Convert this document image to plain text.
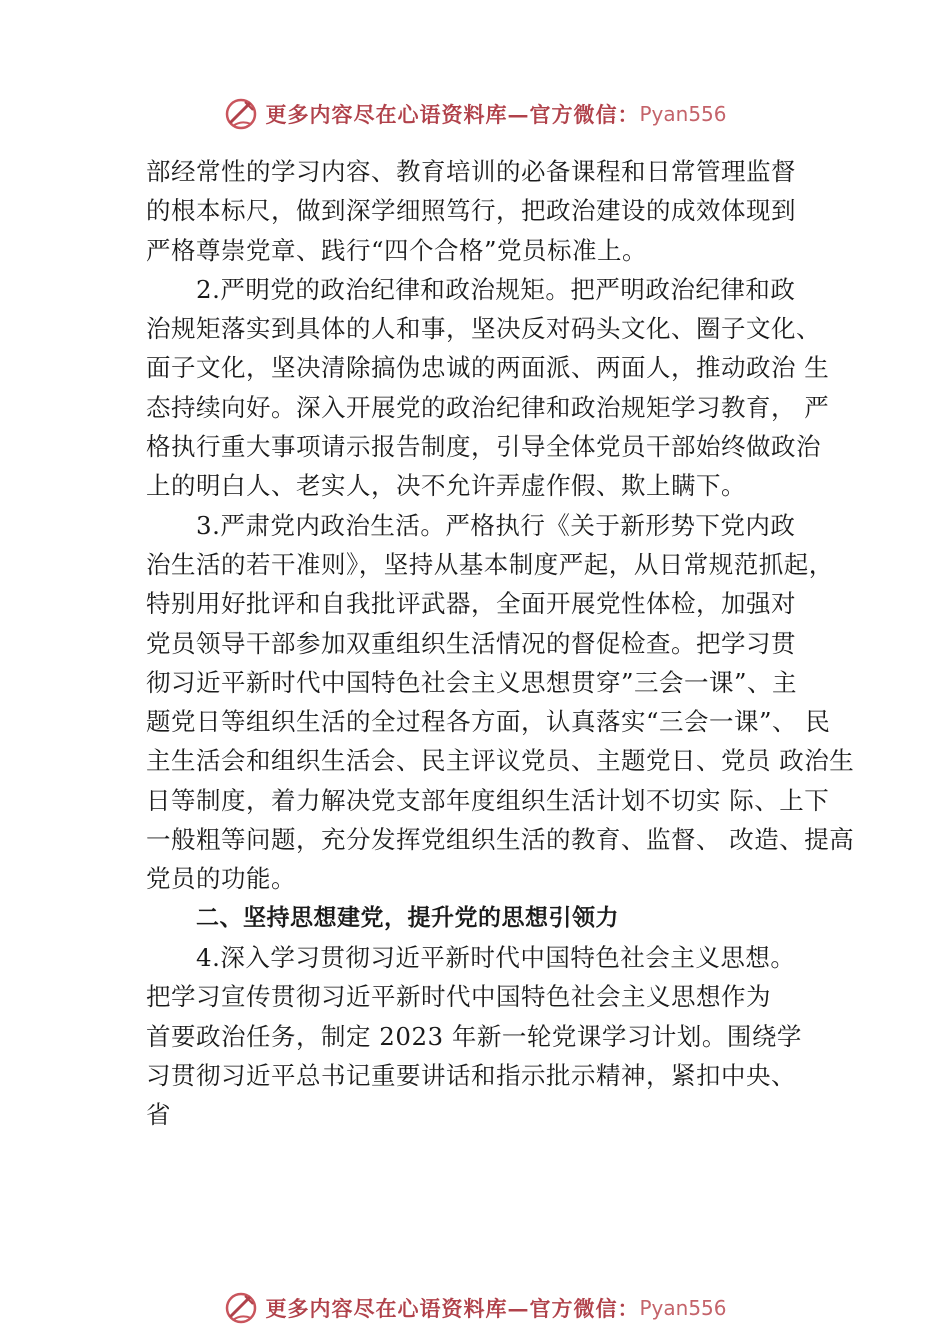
更多内容尽在心语资料库—官方微信： Pyan556
部经常性的学习内容、教育培训的必备课程和日常管理监督
的根本标尺，做到深学细照笃行，把政治建设的成效体现到
严格尊崇党章、践行“四个合格”党员标准上。
2.严明党的政治纪律和政治规矩。把严明政治纪律和政
治规矩落实到具体的人和事，坚决反对码头文化、圈子文化、
面子文化，坚决清除搞伪忠诚的两面派、两面人，推动政治 生
态持续向好。深入开展党的政治纪律和政治规矩学习教育， 严
格执行重大事项请示报告制度，引导全体党员干部始终做政治
上的明白人、老实人，决不允许弄虚作假、欺上瞒下。
3.严肃党内政治生活。严格执行《关于新形势下党内政
治生活的若干准则》，坚持从基本制度严起，从日常规范抓起，
特别用好批评和自我批评武器，全面开展党性体检，加强对
党员领导干部参加双重组织生活情况的督促检查。把学习贯
彻习近平新时代中国特色社会主义思想贯穿”三会一课”、主
题党日等组织生活的全过程各方面，认真落实“三会一课”、 民
主生活会和组织生活会、民主评议党员、主题党日、党员 政治生
日等制度，着力解决党支部年度组织生活计划不切实 际、上下
一般粗等问题，充分发挥党组织生活的教育、监督、 改造、提高
党员的功能。
二、坚持思想建党，提升党的思想引领力
4.深入学习贯彻习近平新时代中国特色社会主义思想。
把学习宣传贯彻习近平新时代中国特色社会主义思想作为
首要政治任务，制定 2023 年新一轮党课学习计划。围绕学
习贯彻习近平总书记重要讲话和指示批示精神，紧扣中央、
省
更多内容尽在心语资料库—官方微信： Pyan556
